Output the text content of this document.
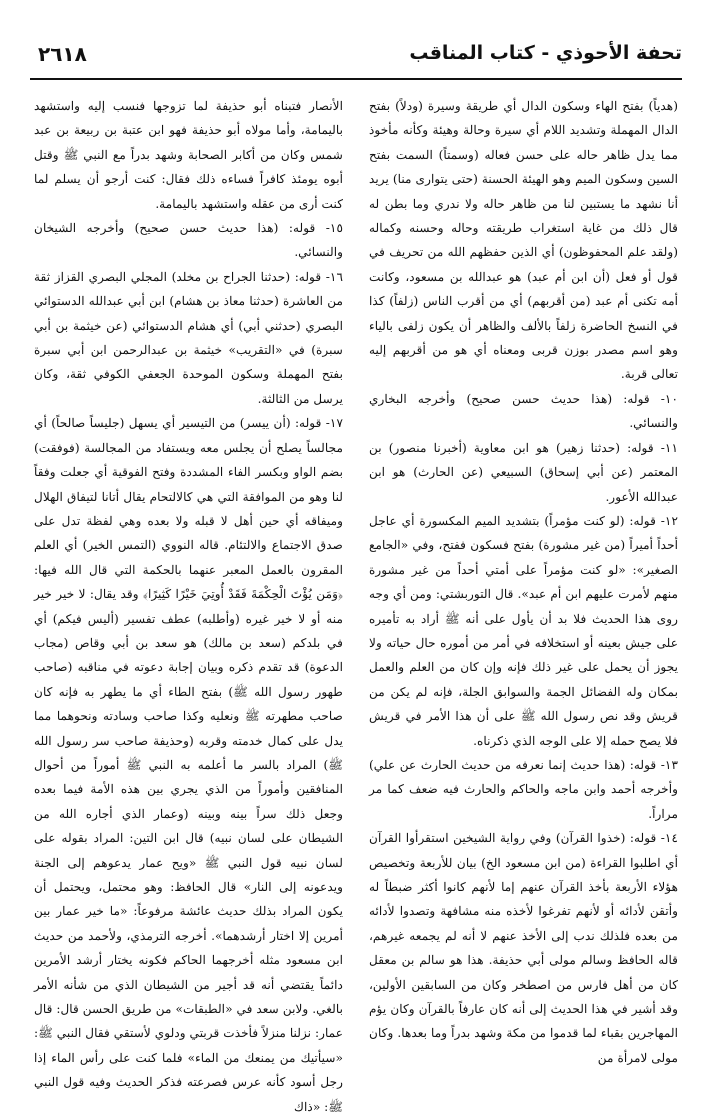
تحفة الأحوذي - كتاب المناقب
٢٦١٨

(هدياً) بفتح الهاء وسكون الدال أي طريقة وسيرة (ودلاً) بفتح الدال المهملة وتشديد اللام أي سيرة وحالة وهيئة وكأنه مأخوذ مما يدل ظاهر حاله على حسن فعاله (وسمتاً) السمت بفتح السين وسكون الميم وهو الهيئة الحسنة (حتى يتوارى منا) يريد أنا نشهد ما يستبين لنا من ظاهر حاله ولا ندري وما بطن له قال ذلك من غاية استغراب طريقته وحاله وحسنه وكماله (ولقد علم المحفوظون) أي الذين حفظهم الله من تحريف في قول أو فعل (أن ابن أم عبد) هو عبدالله بن مسعود، وكانت أمه تكنى أم عبد (من أقربهم) أي من أقرب الناس (زلفاً) كذا في النسخ الحاضرة زلفاً بالألف والظاهر أن يكون زلفى بالياء وهو اسم مصدر بوزن قربى ومعناه أي هو من أقربهم إليه تعالى قربة.

١٠- قوله: (هذا حديث حسن صحيح) وأخرجه البخاري والنسائي.

١١- قوله: (حدثنا زهير) هو ابن معاوية (أخبرنا منصور) بن المعتمر (عن أبي إسحاق) السبيعي (عن الحارث) هو ابن عبدالله الأعور.

١٢- قوله: (لو كنت مؤمراً) بتشديد الميم المكسورة أي عاجل أحداً أميراً (من غير مشورة) بفتح فسكون ففتح، وفي «الجامع الصغير»: «لو كنت مؤمراً على أمتي أحداً من غير مشورة منهم لأمرت عليهم ابن أم عبد». قال التوربشتي: ومن أي وجه روى هذا الحديث فلا بد أن يأول على أنه ﷺ أراد به تأميره على جيش بعينه أو استخلافه في أمر من أموره حال حياته ولا يجوز أن يحمل على غير ذلك فإنه وإن كان من العلم والعمل بمكان وله الفضائل الجمة والسوابق الجلة، فإنه لم يكن من قريش وقد نص رسول الله ﷺ على أن هذا الأمر في قريش فلا يصح حمله إلا على الوجه الذي ذكرناه.

١٣- قوله: (هذا حديث إنما نعرفه من حديث الحارث عن علي) وأخرجه أحمد وابن ماجه والحاكم والحارث فيه ضعف كما مر مراراً.

١٤- قوله: (خذوا القرآن) وفي رواية الشيخين استقرأوا القرآن أي اطلبوا القراءة (من ابن مسعود الخ) بيان للأربعة وتخصيص هؤلاء الأربعة بأخذ القرآن عنهم إما لأنهم كانوا أكثر ضبطاً له وأتقن لأدائه أو لأنهم تفرغوا لأخذه منه مشافهة وتصدوا لأدائه من بعده فلذلك ندب إلى الأخذ عنهم لا أنه لم يجمعه غيرهم، قاله الحافظ وسالم مولى أبي حذيفة. هذا هو سالم بن معقل كان من أهل فارس من اصطخر وكان من السابقين الأولين، وقد أشير في هذا الحديث إلى أنه كان عارفاً بالقرآن وكان يؤم المهاجرين بقباء لما قدموا من مكة وشهد بدراً وما بعدها. وكان مولى لامرأة من

الأنصار فتبناه أبو حذيفة لما تزوجها فنسب إليه واستشهد باليمامة، وأما مولاه أبو حذيفة فهو ابن عتبة بن ربيعة بن عبد شمس وكان من أكابر الصحابة وشهد بدراً مع النبي ﷺ وقتل أبوه يومئذ كافراً فساءه ذلك فقال: كنت أرجو أن يسلم لما كنت أرى من عقله واستشهد باليمامة.

١٥- قوله: (هذا حديث حسن صحيح) وأخرجه الشيخان والنسائي.

١٦- قوله: (حدثنا الجراح بن مخلد) المجلي البصري القزاز ثقة من العاشرة (حدثنا معاذ بن هشام) ابن أبي عبدالله الدستوائي البصري (حدثني أبي) أي هشام الدستوائي (عن خيثمة بن أبي سبرة) في «التقريب» خيثمة بن عبدالرحمن ابن أبي سبرة بفتح المهملة وسكون الموحدة الجعفي الكوفي ثقة، وكان يرسل من الثالثة.

١٧- قوله: (أن ييسر) من التيسير أي يسهل (جليساً صالحاً) أي مجالساً يصلح أن يجلس معه ويستفاد من المجالسة (فوفقت) بضم الواو وبكسر الفاء المشددة وفتح الفوقية أي جعلت وفقاً لنا وهو من الموافقة التي هي كالالتحام يقال أتانا لتيفاق الهلال وميفاقه أي حين أهل لا قبله ولا بعده وهي لفظة تدل على صدق الاجتماع والالتئام. قاله النووي (التمس الخير) أي العلم المقرون بالعمل المعبر عنهما بالحكمة التي قال الله فيها: ﴿وَمَن يُؤْتَ الْحِكْمَةَ فَقَدْ أُوتِيَ خَيْرًا كَثِيرًا﴾ وقد يقال: لا خير خير منه أو لا خير غيره (وأطلبه) عطف تفسير (أليس فيكم) أي في بلدكم (سعد بن مالك) هو سعد بن أبي وقاص (مجاب الدعوة) قد تقدم ذكره وبيان إجابة دعوته في مناقبه (صاحب طهور رسول الله ﷺ) بفتح الطاء أي ما يطهر به فإنه كان صاحب مطهرته ﷺ ونعليه وكذا صاحب وسادته ونحوهما مما يدل على كمال خدمته وقربه (وحذيفة صاحب سر رسول الله ﷺ) المراد بالسر ما أعلمه به النبي ﷺ أموراً من أحوال المنافقين وأموراً من الذي يجري بين هذه الأمة فيما بعده وجعل ذلك سراً بينه وبينه (وعمار الذي أجاره الله من الشيطان على لسان نبيه) قال ابن التين: المراد بقوله على لسان نبيه قول النبي ﷺ «ويح عمار يدعوهم إلى الجنة ويدعونه إلى النار» قال الحافظ: وهو محتمل، ويحتمل أن يكون المراد بذلك حديث عائشة مرفوعاً: «ما خير عمار بين أمرين إلا اختار أرشدهما». أخرجه الترمذي، ولأحمد من حديث ابن مسعود مثله أخرجهما الحاكم فكونه يختار أرشد الأمرين دائماً يقتضي أنه قد أجير من الشيطان الذي من شأنه الأمر بالغي. ولابن سعد في «الطبقات» من طريق الحسن قال: قال عمار: نزلنا منزلاً فأخذت قربتي ودلوي لأستقي فقال النبي ﷺ: «سيأتيك من يمنعك من الماء» فلما كنت على رأس الماء إذا رجل أسود كأنه عرس فصرعته فذكر الحديث وفيه قول النبي ﷺ: «ذاك
